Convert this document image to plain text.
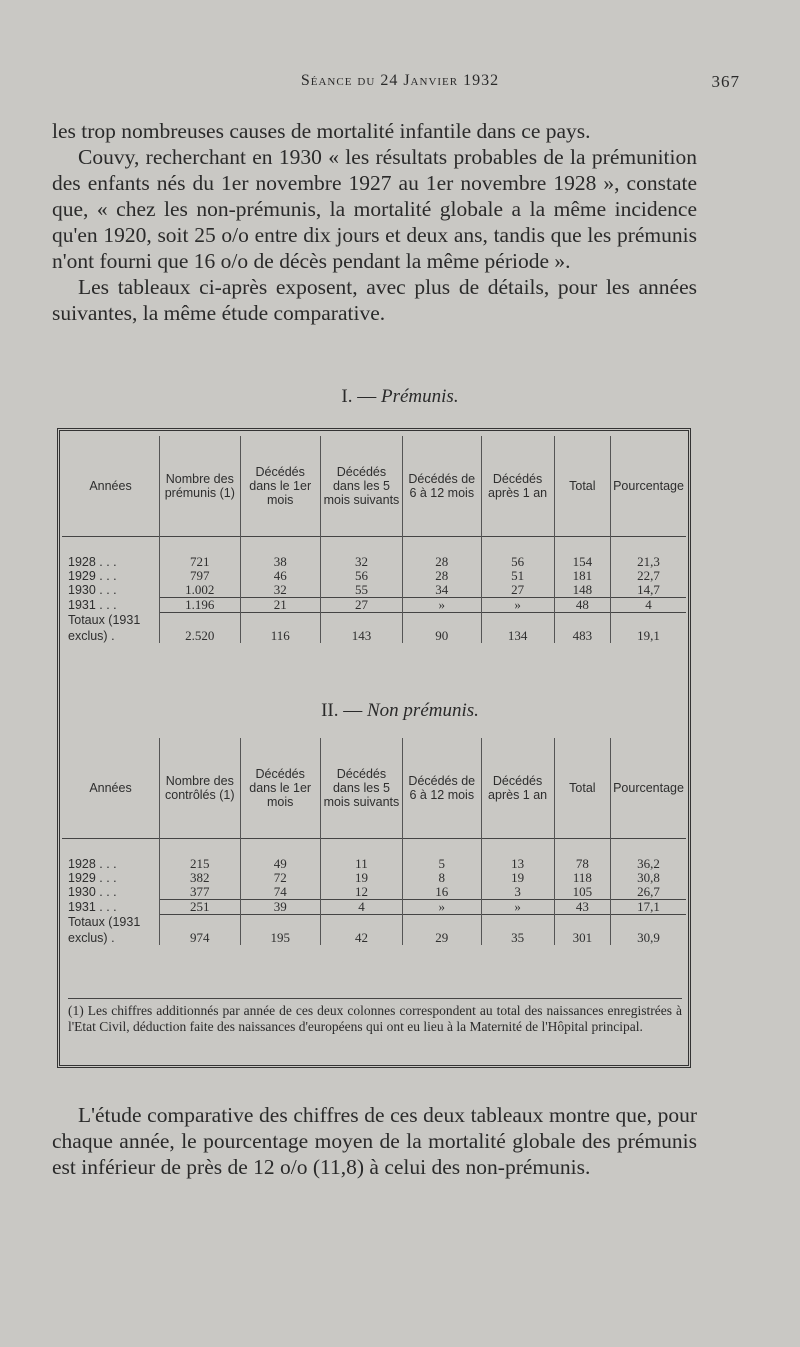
Séance du 24 Janvier 1932	367

les trop nombreuses causes de mortalité infantile dans ce pays.

Couvy, recherchant en 1930 « les résultats probables de la prémunition des enfants nés du 1er novembre 1927 au 1er novembre 1928 », constate que, « chez les non-prémunis, la mortalité globale a la même incidence qu'en 1920, soit 25 o/o entre dix jours et deux ans, tandis que les prémunis n'ont fourni que 16 o/o de décès pendant la même période ».

Les tableaux ci-après exposent, avec plus de détails, pour les années suivantes, la même étude comparative.

I. — Prémunis.
Années	Nombre des prémunis (1)	Décédés dans le 1er mois	Décédés dans les 5 mois suivants	Décédés de 6 à 12 mois	Décédés après 1 an	Total	Pourcentage

1928 . . .	721	38	32	28	56	154	21,3
1929 . . .	797	46	56	28	51	181	22,7
1930 . . .	1.002	32	55	34	27	148	14,7
1931 . . .	1.196	21	27	»	»	48	4
Totaux (1931							
exclus) .	2.520	116	143	90	134	483	19,1
II. — Non prémunis.
Années	Nombre des contrôlés (1)	Décédés dans le 1er mois	Décédés dans les 5 mois suivants	Décédés de 6 à 12 mois	Décédés après 1 an	Total	Pourcentage

1928 . . .	215	49	11	5	13	78	36,2
1929 . . .	382	72	19	8	19	118	30,8
1930 . . .	377	74	12	16	3	105	26,7
1931 . . .	251	39	4	»	»	43	17,1
Totaux (1931							
exclus) .	974	195	42	29	35	301	30,9
(1) Les chiffres additionnés par année de ces deux colonnes correspondent au total des naissances enregistrées à l'Etat Civil, déduction faite des naissances d'européens qui ont eu lieu à la Maternité de l'Hôpital principal.

L'étude comparative des chiffres de ces deux tableaux montre que, pour chaque année, le pourcentage moyen de la mortalité globale des prémunis est inférieur de près de 12 o/o (11,8) à celui des non-prémunis.
